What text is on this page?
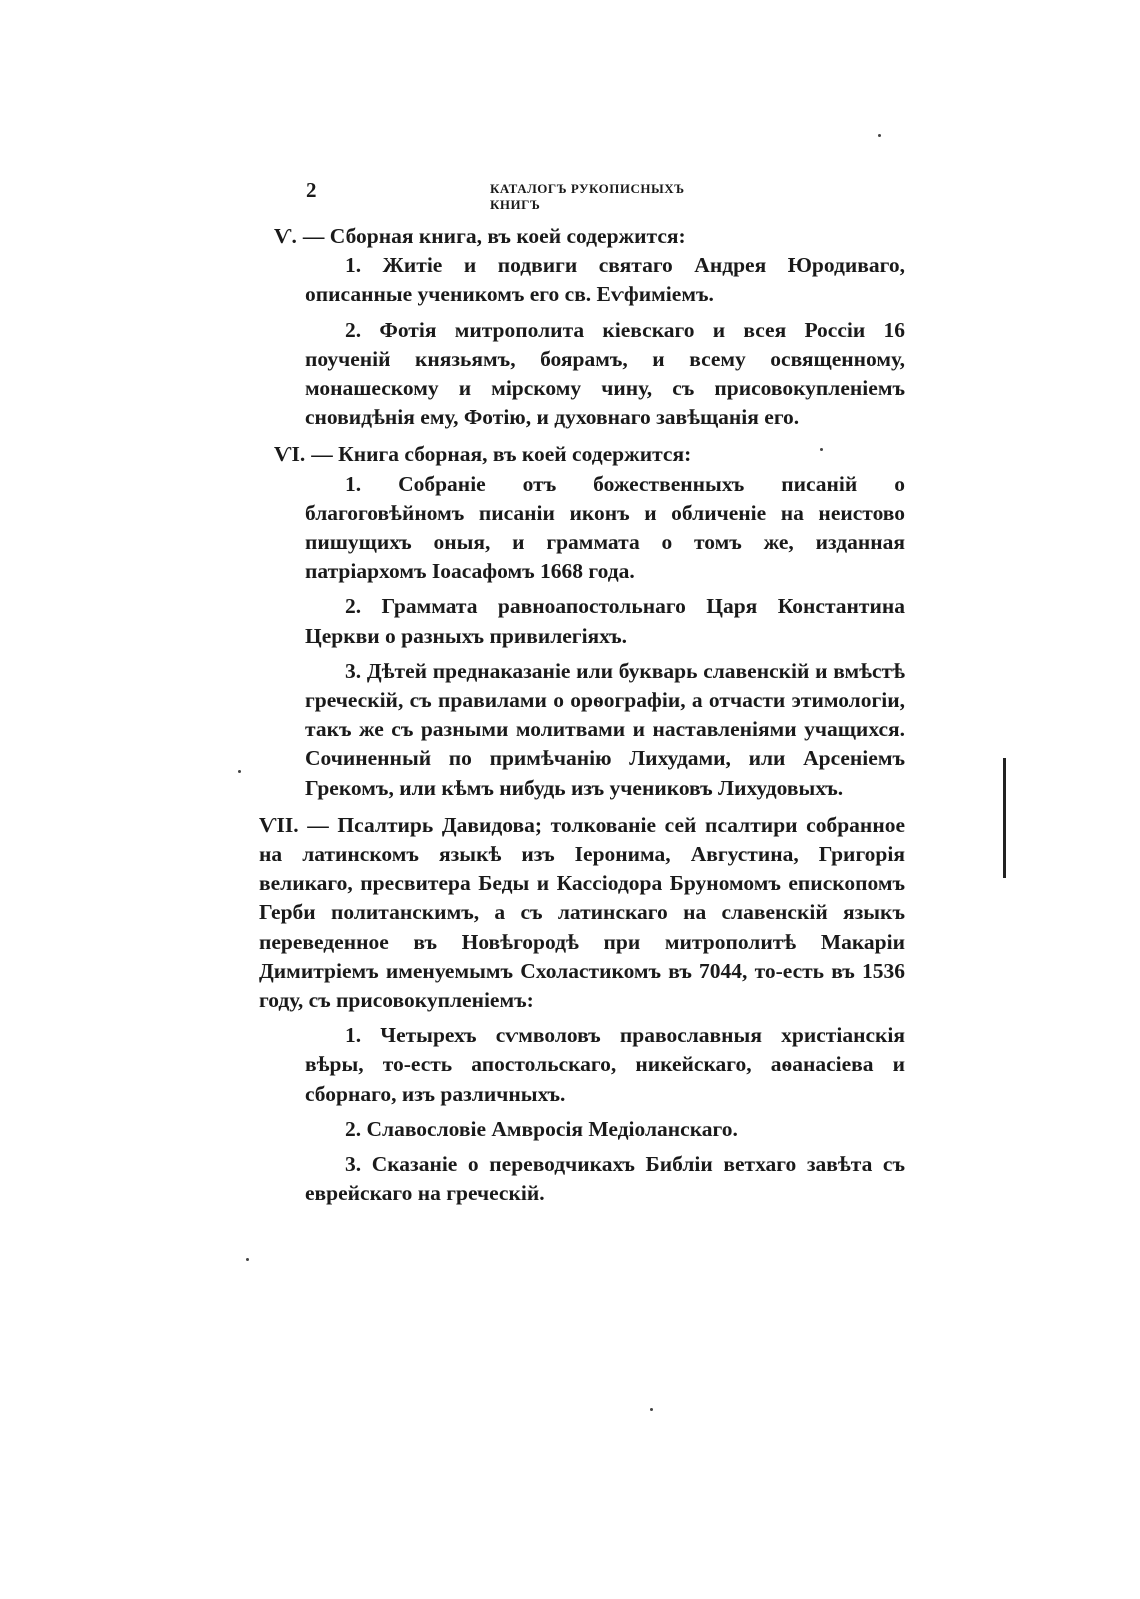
2	КАТАЛОГЪ РУКОПИСНЫХЪ КНИГЪ
Ѵ. — Сборная книга, въ коей содержится:

1. Житіе и подвиги святаго Андрея Юродиваго, описанные ученикомъ его св. Еѵфиміемъ.

2. Фотія митрополита кіевскаго и всея Россіи 16 поученій князьямъ, боярамъ, и всему освященному, монашескому и мірскому чину, съ присовокупленіемъ сновидѣнія ему, Фотію, и духовнаго завѣщанія его.

ѴI. — Книга сборная, въ коей содержится:

1. Собраніе отъ божественныхъ писаній о благоговѣйномъ писаніи иконъ и обличеніе на неистово пишущихъ оныя, и граммата о томъ же, изданная патріархомъ Іоасафомъ 1668 года.

2. Граммата равноапостольнаго Царя Константина Церкви о разныхъ привилегіяхъ.

3. Дѣтей преднаказаніе или букварь славенскій и вмѣстѣ греческій, съ правилами о орѳографіи, а отчасти этимологіи, такъ же съ разными молитвами и наставленіями учащихся. Сочиненный по примѣчанію Лихудами, или Арсеніемъ Грекомъ, или кѣмъ нибудь изъ учениковъ Лихудовыхъ.

ѴII. — Псалтирь Давидова; толкованіе сей псалтири собранное на латинскомъ языкѣ изъ Іеронима, Августина, Григорія великаго, пресвитера Беды и Кассіодора Бруномомъ епископомъ Герби политанскимъ, а съ латинскаго на славенскій языкъ переведенное въ Новѣгородѣ при митрополитѣ Макаріи Димитріемъ именуемымъ Схоластикомъ въ 7044, то-есть въ 1536 году, съ присовокупленіемъ:

1. Четырехъ сѵмволовъ православныя христіанскія вѣры, то-есть апостольскаго, никейскаго, аѳанасіева и сборнаго, изъ различныхъ.

2. Славословіе Амвросія Медіоланскаго.

3. Сказаніе о переводчикахъ Библіи ветхаго завѣта съ еврейскаго на греческій.
